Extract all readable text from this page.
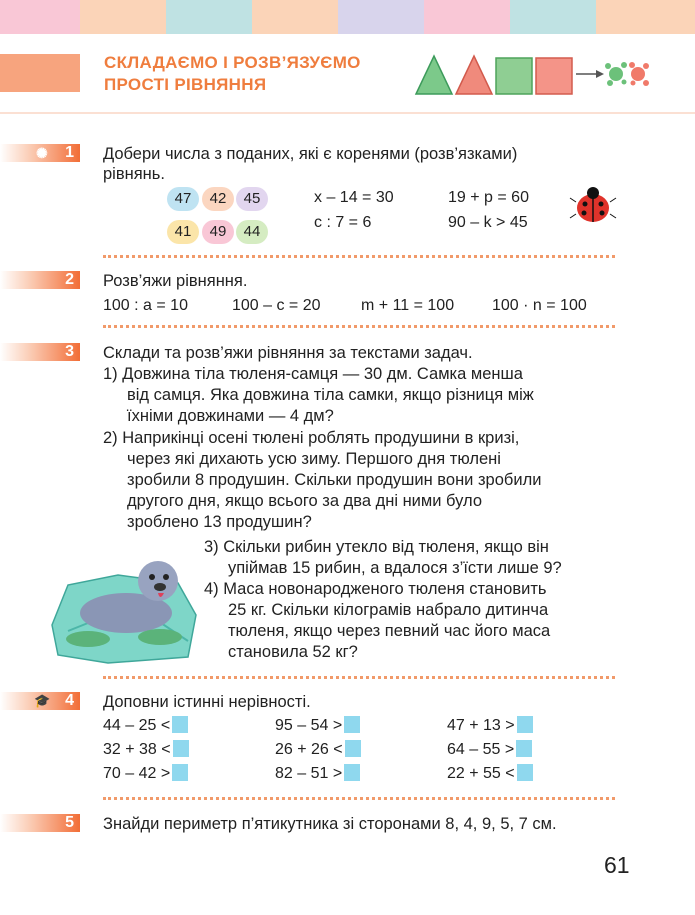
СКЛАДАЄМО І РОЗВ’ЯЗУЄМО
ПРОСТІ РІВНЯННЯ
✺ 1	Добери числа з поданих, які є коренями (розв’язками)
рівнянь.
47	42	45
41	49	44
x – 14 = 30
c : 7 = 6
19 + p = 60
90 – k > 45
2	Розв’яжи рівняння.
100 : a = 10	100 – c = 20	m + 11 = 100 100 · n = 100
3	Склади та розв’яжи рівняння за текстами задач.
1) Довжина тіла тюленя-самця — 30 дм. Самка менша
від самця. Яка довжина тіла самки, якщо різниця між
їхніми довжинами — 4 дм?
2) Наприкінці осені тюлені роблять продушини в кризі,
через які дихають усю зиму. Першого дня тюлені
зробили 8 продушин. Скільки продушин вони зробили
другого дня, якщо всього за два дні ними було
зроблено 13 продушин?
3) Скільки рибин утекло від тюленя, якщо він
упіймав 15 рибин, а вдалося з’їсти лише 9?
4) Маса новонародженого тюленя становить
25 кг. Скільки кілограмів набрало дитинча
тюленя, якщо через певний час його маса
становила 52 кг?
🎓 4	Доповни істинні нерівності.
44 – 25 <	95 – 54 >	47 + 13 >
32 + 38 <	26 + 26 <	64 – 55 >
70 – 42 >	82 – 51 >	22 + 55 <
5	Знайди периметр п’ятикутника зі сторонами 8, 4, 9, 5, 7 см.
61
